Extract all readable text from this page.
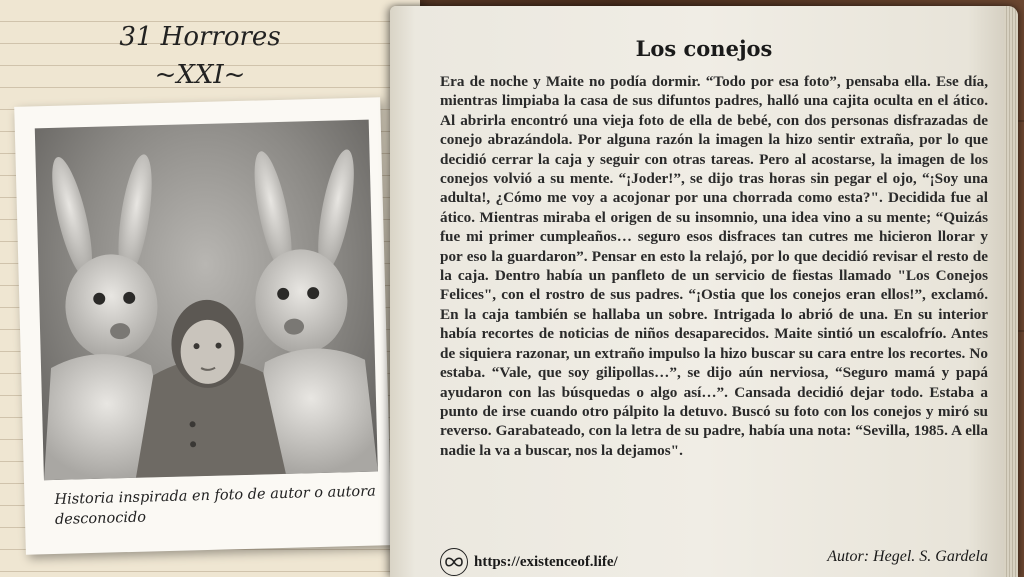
31 Horrores
~XXI~
Historia inspirada en foto de autor o autora desconocido
Los conejos
Era de noche y Maite no podía dormir. “Todo por esa foto”, pensaba ella. Ese día, mientras limpiaba la casa de sus difuntos padres, halló una cajita oculta en el ático. Al abrirla encontró una vieja foto de ella de bebé, con dos personas disfrazadas de conejo abrazándola. Por alguna razón la imagen la hizo sentir extraña, por lo que decidió cerrar la caja y seguir con otras tareas. Pero al acostarse, la imagen de los conejos volvió a su mente. “¡Joder!”, se dijo tras horas sin pegar el ojo, “¡Soy una adulta!, ¿Cómo me voy a acojonar por una chorrada como esta?". Decidida fue al ático. Mientras miraba el origen de su insomnio, una idea vino a su mente; “Quizás fue mi primer cumpleaños… seguro esos disfraces tan cutres me hicieron llorar y por eso la guardaron”. Pensar en esto la relajó, por lo que decidió revisar el resto de la caja. Dentro había un panfleto de un servicio de fiestas llamado "Los Conejos Felices", con el rostro de sus padres. “¡Ostia que los conejos eran ellos!”, exclamó. En la caja también se hallaba un sobre. Intrigada lo abrió de una. En su interior había recortes de noticias de niños desaparecidos. Maite sintió un escalofrío. Antes de siquiera razonar, un extraño impulso la hizo buscar su cara entre los recortes. No estaba. “Vale, que soy gilipollas…”, se dijo aún nerviosa, “Seguro mamá y papá ayudaron con las búsquedas o algo así…”. Cansada decidió dejar todo. Estaba a punto de irse cuando otro pálpito la detuvo. Buscó su foto con los conejos y miró su reverso. Garabateado, con la letra de su padre, había una nota: “Sevilla, 1985. A ella nadie la va a buscar, nos la dejamos".
https://existenceof.life/	Autor: Hegel. S. Gardela
